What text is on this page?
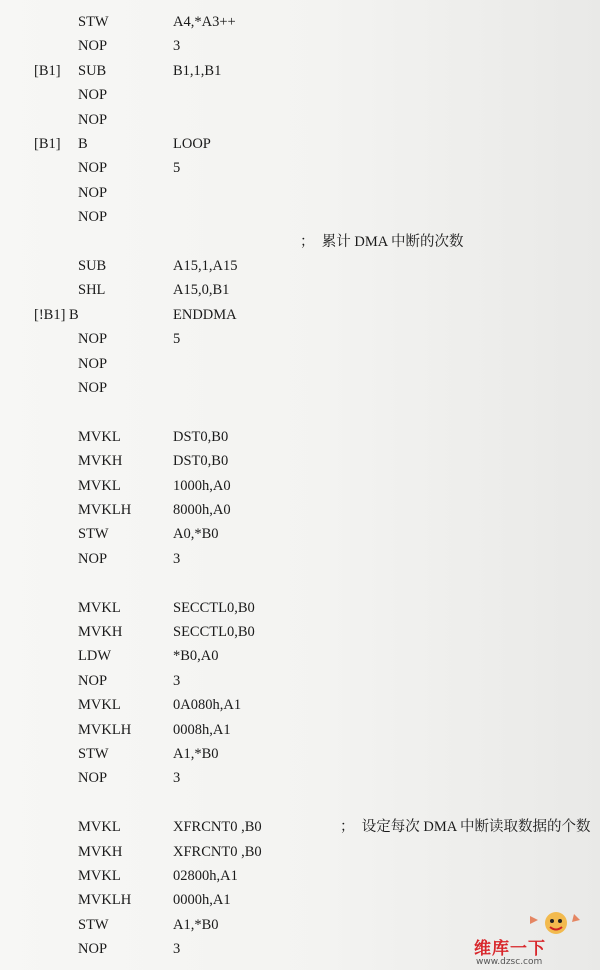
STW	A4,*A3++
NOP	3
[B1] SUB	B1,1,B1
NOP
NOP
[B1] B	LOOP
NOP	5
NOP
NOP
；  累计 DMA 中断的次数
SUB	A15,1,A15
SHL	A15,0,B1
[!B1] B	ENDDMA
NOP	5
NOP
NOP
MVKL	DST0,B0
MVKH	DST0,B0
MVKL	1000h,A0
MVKLH	8000h,A0
STW	A0,*B0
NOP	3
MVKL	SECCTL0,B0
MVKH	SECCTL0,B0
LDW	*B0,A0
NOP	3
MVKL	0A080h,A1
MVKLH	0008h,A1
STW	A1,*B0
NOP	3
MVKL	XFRCNT0 ,B0	；  设定每次 DMA 中断读取数据的个数
MVKH	XFRCNT0 ,B0
MVKL	02800h,A1
MVKLH	0000h,A1
STW	A1,*B0
NOP	3	维库一下
www.dzsc.com
